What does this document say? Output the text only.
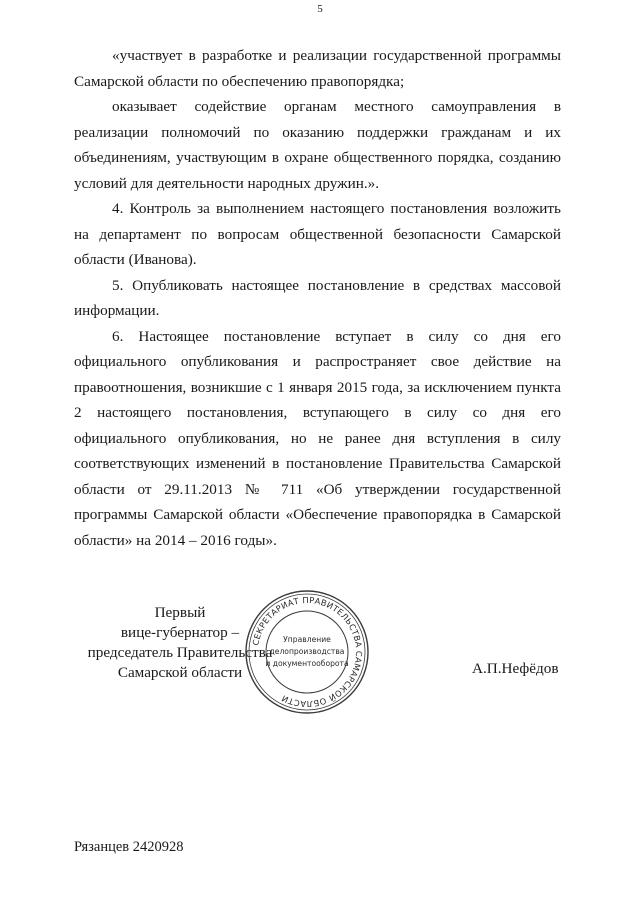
5

«участвует в разработке и реализации государственной программы Самарской области по обеспечению правопорядка;

оказывает содействие органам местного самоуправления в реализации полномочий по оказанию поддержки гражданам и их объединениям, участвующим в охране общественного порядка, созданию условий для деятельности народных дружин.».

4. Контроль за выполнением настоящего постановления возложить на департамент по вопросам общественной безопасности Самарской области (Иванова).

5. Опубликовать настоящее постановление в средствах массовой информации.

6. Настоящее постановление вступает в силу со дня его официального опубликования и распространяет свое действие на правоотношения, возникшие с 1 января 2015 года, за исключением пункта 2 настоящего постановления, вступающего в силу со дня его официального опубликования, но не ранее дня вступления в силу соответствующих изменений в постановление Правительства Самарской области от 29.11.2013 № 711 «Об утверждении государственной программы Самарской области «Обеспечение правопорядка в Самарской области» на 2014 – 2016 годы».

Первый
вице-губернатор –
председатель Правительства
Самарской области
СЕКРЕТАРИАТ ПРАВИТЕЛЬСТВА САМАРСКОЙ ОБЛАСТИ
Управление
делопроизводства
и документооборота	А.П.Нефёдов
Рязанцев 2420928
